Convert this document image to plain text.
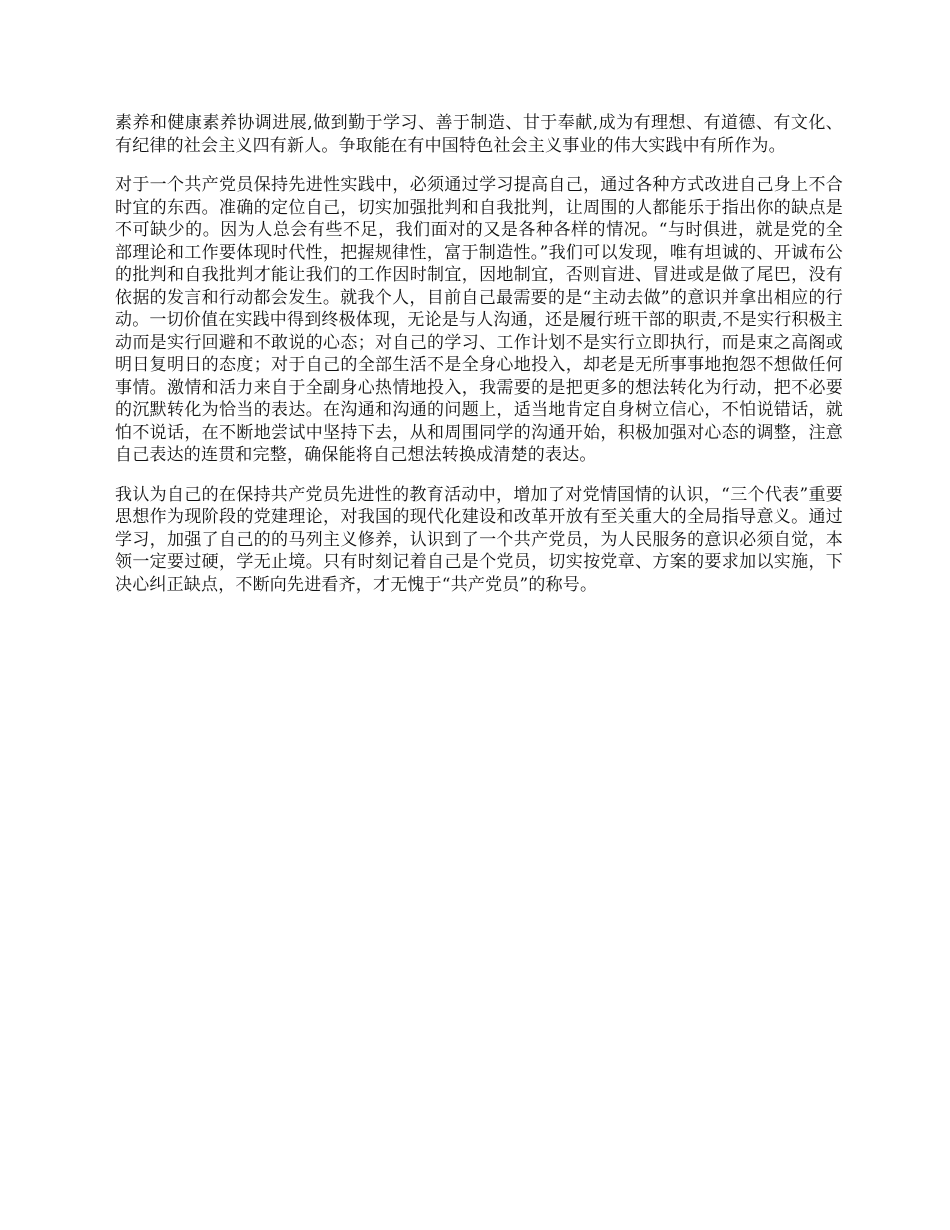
素养和健康素养协调进展,做到勤于学习、善于制造、甘于奉献,成为有理想、有道德、有文化、有纪律的社会主义四有新人。争取能在有中国特色社会主义事业的伟大实践中有所作为。

对于一个共产党员保持先进性实践中，必须通过学习提高自己，通过各种方式改进自己身上不合时宜的东西。准确的定位自己，切实加强批判和自我批判，让周围的人都能乐于指出你的缺点是不可缺少的。因为人总会有些不足，我们面对的又是各种各样的情况。“与时俱进，就是党的全部理论和工作要体现时代性，把握规律性，富于制造性。”我们可以发现，唯有坦诚的、开诚布公的批判和自我批判才能让我们的工作因时制宜，因地制宜，否则盲进、冒进或是做了尾巴，没有依据的发言和行动都会发生。就我个人，目前自己最需要的是“主动去做”的意识并拿出相应的行动。一切价值在实践中得到终极体现，无论是与人沟通，还是履行班干部的职责,不是实行积极主动而是实行回避和不敢说的心态；对自己的学习、工作计划不是实行立即执行，而是束之高阁或明日复明日的态度；对于自己的全部生活不是全身心地投入，却老是无所事事地抱怨不想做任何事情。激情和活力来自于全副身心热情地投入，我需要的是把更多的想法转化为行动，把不必要的沉默转化为恰当的表达。在沟通和沟通的问题上，适当地肯定自身树立信心，不怕说错话，就怕不说话，在不断地尝试中坚持下去，从和周围同学的沟通开始，积极加强对心态的调整，注意自己表达的连贯和完整，确保能将自己想法转换成清楚的表达。

我认为自己的在保持共产党员先进性的教育活动中，增加了对党情国情的认识，“三个代表”重要思想作为现阶段的党建理论，对我国的现代化建设和改革开放有至关重大的全局指导意义。通过学习，加强了自己的的马列主义修养，认识到了一个共产党员，为人民服务的意识必须自觉，本领一定要过硬，学无止境。只有时刻记着自己是个党员，切实按党章、方案的要求加以实施，下决心纠正缺点，不断向先进看齐，才无愧于“共产党员”的称号。
